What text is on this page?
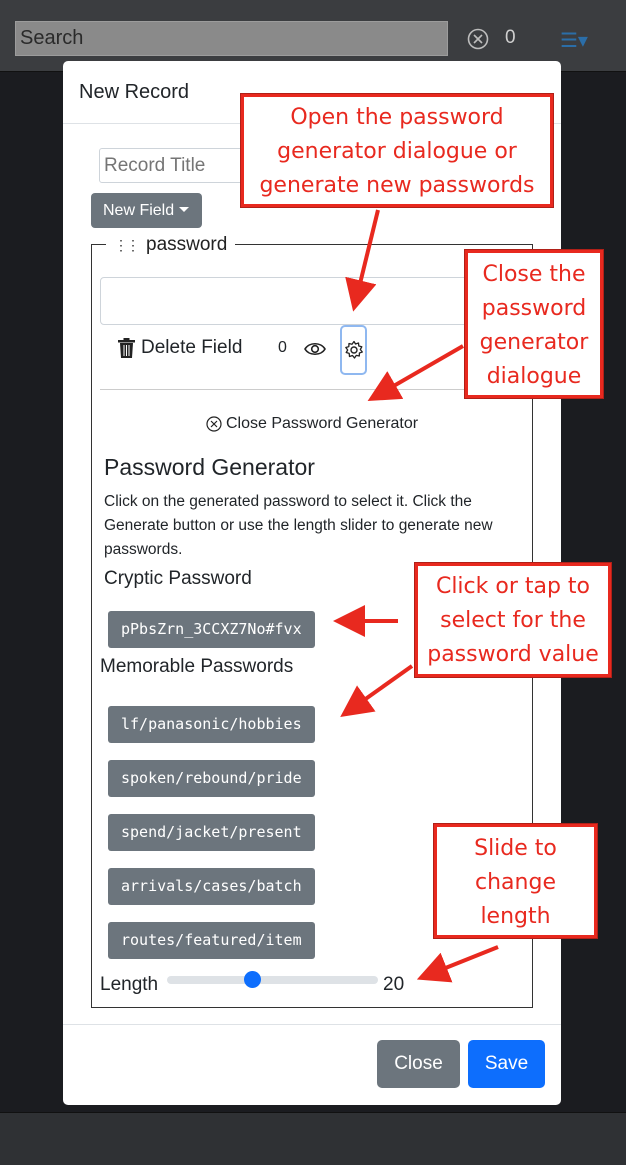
Search
0 ☰▾
New Record
Record Title
New Field
⋮⋮ password
Delete Field 0
Close Password Generator
Password Generator
Click on the generated password to select it. Click the Generate button or use the length slider to generate new passwords.
Cryptic Password
pPbsZrn_3CCXZ7No#fvx
Memorable Passwords
lf/panasonic/hobbies
spoken/rebound/pride
spend/jacket/present
arrivals/cases/batch
routes/featured/item
Length	20
Close	Save
Open the password generator dialogue or generate new passwords
Close the password generator dialogue
Click or tap to select for the password value
Slide to change length
